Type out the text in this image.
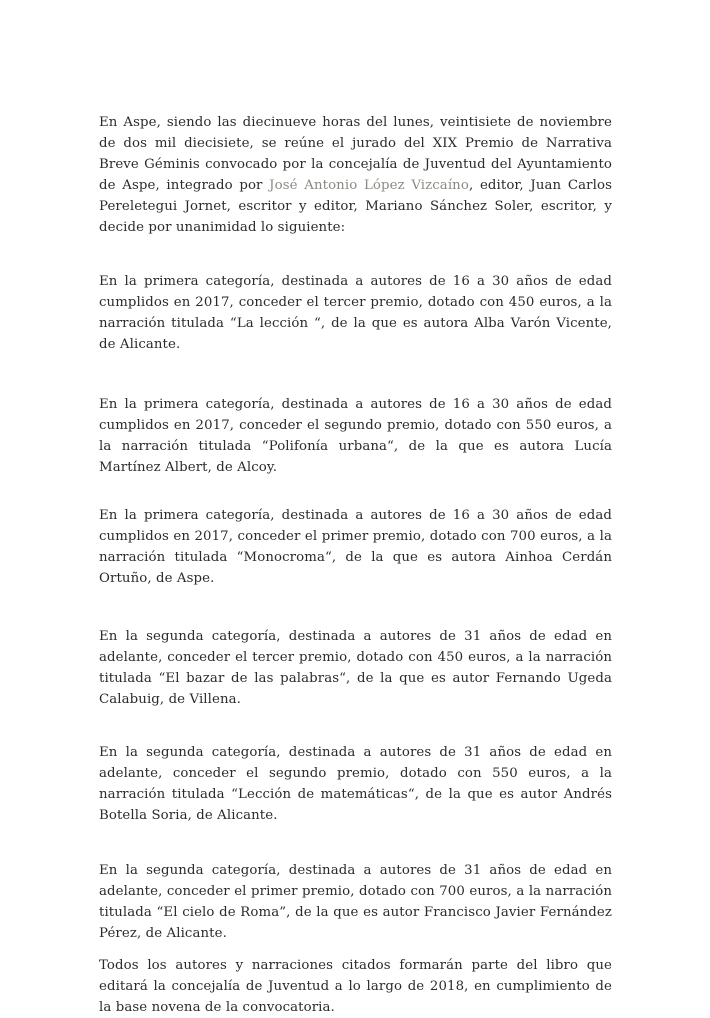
En Aspe, siendo las diecinueve horas del lunes, veintisiete de noviembre de dos mil diecisiete, se reúne el jurado del XIX Premio de Narrativa Breve Géminis convocado por la concejalía de Juventud del Ayuntamiento de Aspe, integrado por José Antonio López Vizcaíno, editor, Juan Carlos Pereletegui Jornet, escritor y editor, Mariano Sánchez Soler, escritor, y decide por unanimidad lo siguiente:

En la primera categoría, destinada a autores de 16 a 30 años de edad cumplidos en 2017, conceder el tercer premio, dotado con 450 euros, a la narración titulada “La lección “, de la que es autora Alba Varón Vicente, de Alicante.

En la primera categoría, destinada a autores de 16 a 30 años de edad cumplidos en 2017, conceder el segundo premio, dotado con 550 euros, a la narración titulada “Polifonía urbana“, de la que es autora Lucía Martínez Albert, de Alcoy.

En la primera categoría, destinada a autores de 16 a 30 años de edad cumplidos en 2017, conceder el primer premio, dotado con 700 euros, a la narración titulada “Monocroma“, de la que es autora Ainhoa Cerdán Ortuño, de Aspe.

En la segunda categoría, destinada a autores de 31 años de edad en adelante, conceder el tercer premio, dotado con 450 euros, a la narración titulada “El bazar de las palabras“, de la que es autor Fernando Ugeda Calabuig, de Villena.

En la segunda categoría, destinada a autores de 31 años de edad en adelante, conceder el segundo premio, dotado con 550 euros, a la narración titulada “Lección de matemáticas“, de la que es autor Andrés Botella Soria, de Alicante.

En la segunda categoría, destinada a autores de 31 años de edad en adelante, conceder el primer premio, dotado con 700 euros, a la narración titulada “El cielo de Roma”, de la que es autor Francisco Javier Fernández Pérez, de Alicante.

Todos los autores y narraciones citados formarán parte del libro que editará la concejalía de Juventud a lo largo de 2018, en cumplimiento de la base novena de la convocatoria.
